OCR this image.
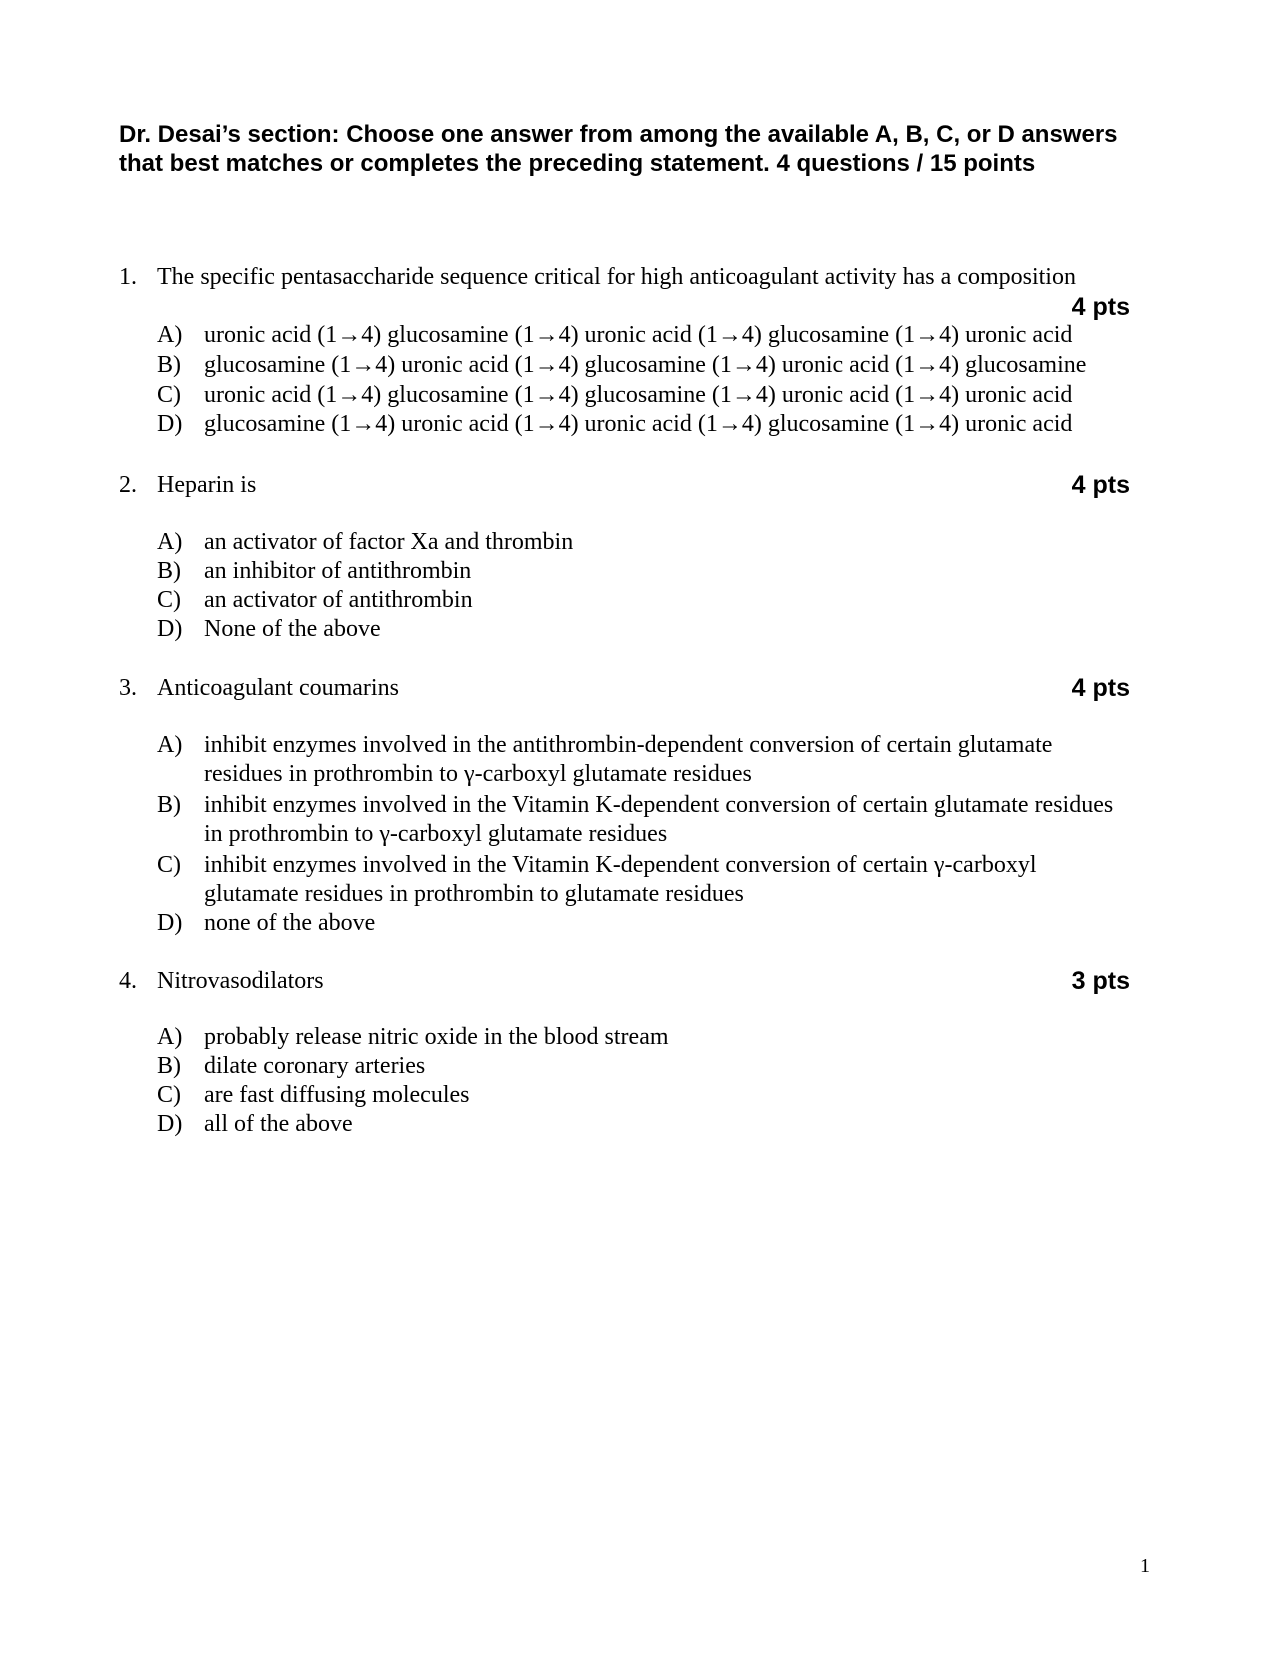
Dr. Desai’s section: Choose one answer from among the available A, B, C, or D answers that best matches or completes the preceding statement. 4 questions / 15 points

1. The specific pentasaccharide sequence critical for high anticoagulant activity has a composition
4 pts
A) uronic acid (1→4) glucosamine (1→4) uronic acid (1→4) glucosamine (1→4) uronic acid
B) glucosamine (1→4) uronic acid (1→4) glucosamine (1→4) uronic acid (1→4) glucosamine
C) uronic acid (1→4) glucosamine (1→4) glucosamine (1→4) uronic acid (1→4) uronic acid
D) glucosamine (1→4) uronic acid (1→4) uronic acid (1→4) glucosamine (1→4) uronic acid
2. Heparin is	4 pts
A) an activator of factor Xa and thrombin
B) an inhibitor of antithrombin
C) an activator of antithrombin
D) None of the above
3. Anticoagulant coumarins	4 pts
A) inhibit enzymes involved in the antithrombin-dependent conversion of certain glutamate
residues in prothrombin to γ-carboxyl glutamate residues
B) inhibit enzymes involved in the Vitamin K-dependent conversion of certain glutamate residues
in prothrombin to γ-carboxyl glutamate residues
C) inhibit enzymes involved in the Vitamin K-dependent conversion of certain γ-carboxyl
glutamate residues in prothrombin to glutamate residues
D) none of the above
4. Nitrovasodilators	3 pts
A) probably release nitric oxide in the blood stream
B) dilate coronary arteries
C) are fast diffusing molecules
D) all of the above
1
